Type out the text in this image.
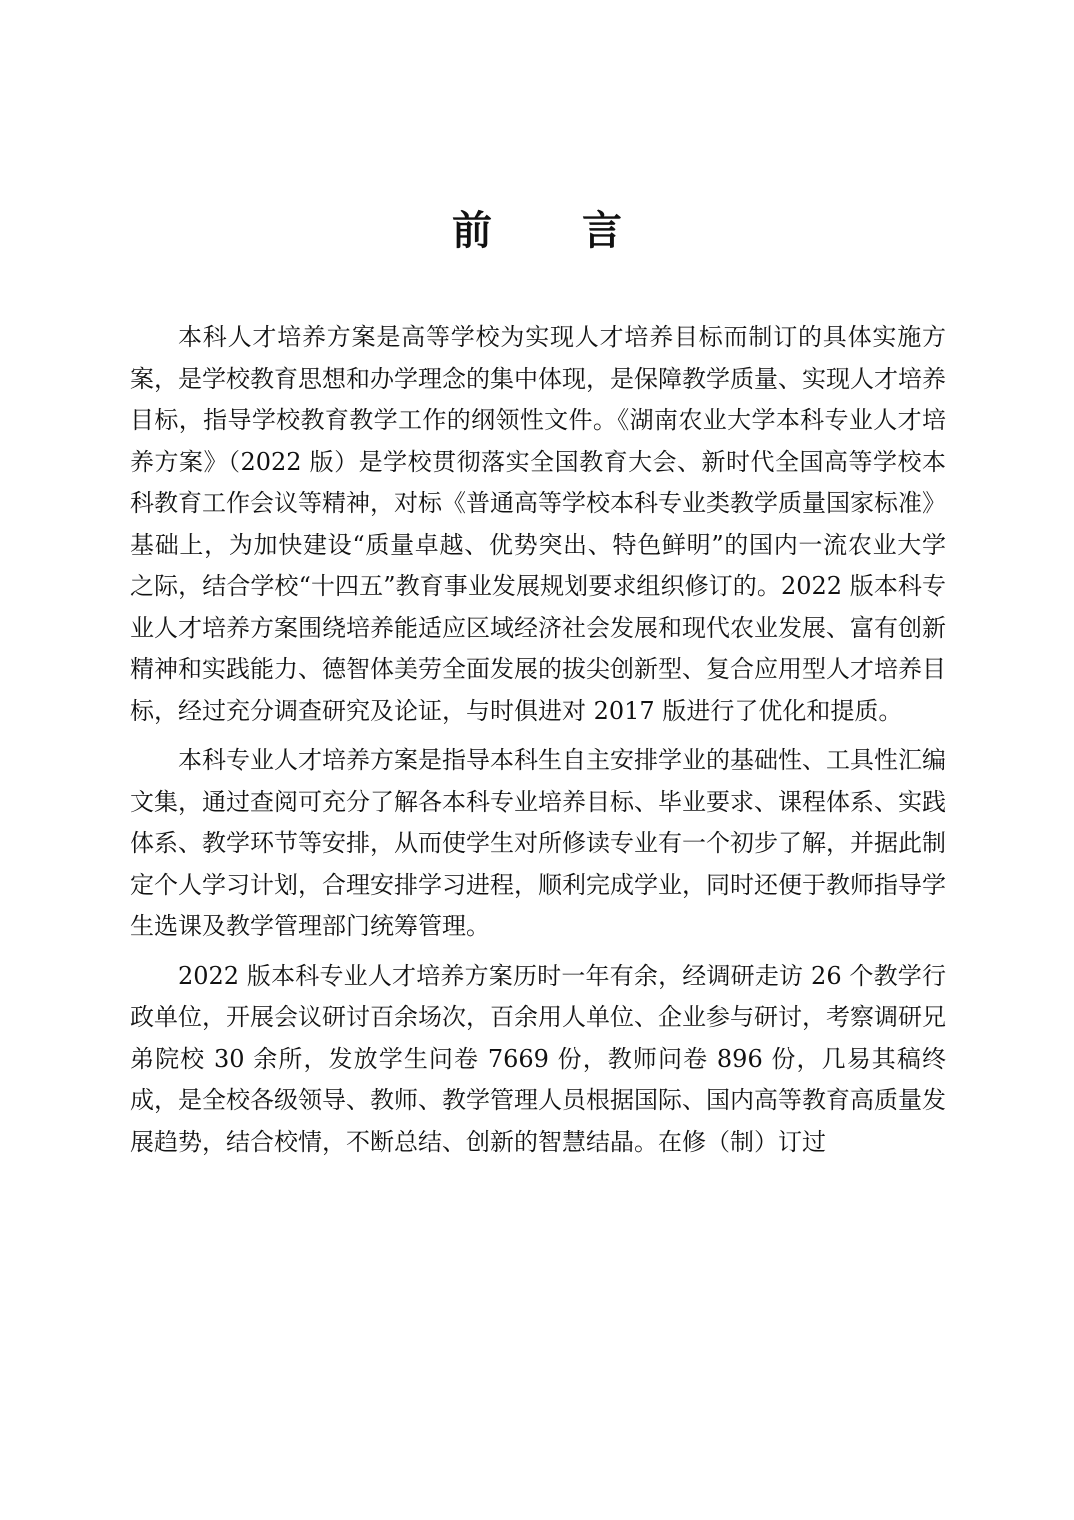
前 言

本科人才培养方案是高等学校为实现人才培养目标而制订的具体实施方案，是学校教育思想和办学理念的集中体现，是保障教学质量、实现人才培养目标，指导学校教育教学工作的纲领性文件。《湖南农业大学本科专业人才培养方案》（2022 版）是学校贯彻落实全国教育大会、新时代全国高等学校本科教育工作会议等精神，对标《普通高等学校本科专业类教学质量国家标准》基础上，为加快建设“质量卓越、优势突出、特色鲜明”的国内一流农业大学之际，结合学校“十四五”教育事业发展规划要求组织修订的。2022 版本科专业人才培养方案围绕培养能适应区域经济社会发展和现代农业发展、富有创新精神和实践能力、德智体美劳全面发展的拔尖创新型、复合应用型人才培养目标，经过充分调查研究及论证，与时俱进对 2017 版进行了优化和提质。

本科专业人才培养方案是指导本科生自主安排学业的基础性、工具性汇编文集，通过查阅可充分了解各本科专业培养目标、毕业要求、课程体系、实践体系、教学环节等安排，从而使学生对所修读专业有一个初步了解，并据此制定个人学习计划，合理安排学习进程，顺利完成学业，同时还便于教师指导学生选课及教学管理部门统筹管理。

2022 版本科专业人才培养方案历时一年有余，经调研走访 26 个教学行政单位，开展会议研讨百余场次，百余用人单位、企业参与研讨，考察调研兄弟院校 30 余所，发放学生问卷 7669 份，教师问卷 896 份，几易其稿终成，是全校各级领导、教师、教学管理人员根据国际、国内高等教育高质量发展趋势，结合校情，不断总结、创新的智慧结晶。在修（制）订过
